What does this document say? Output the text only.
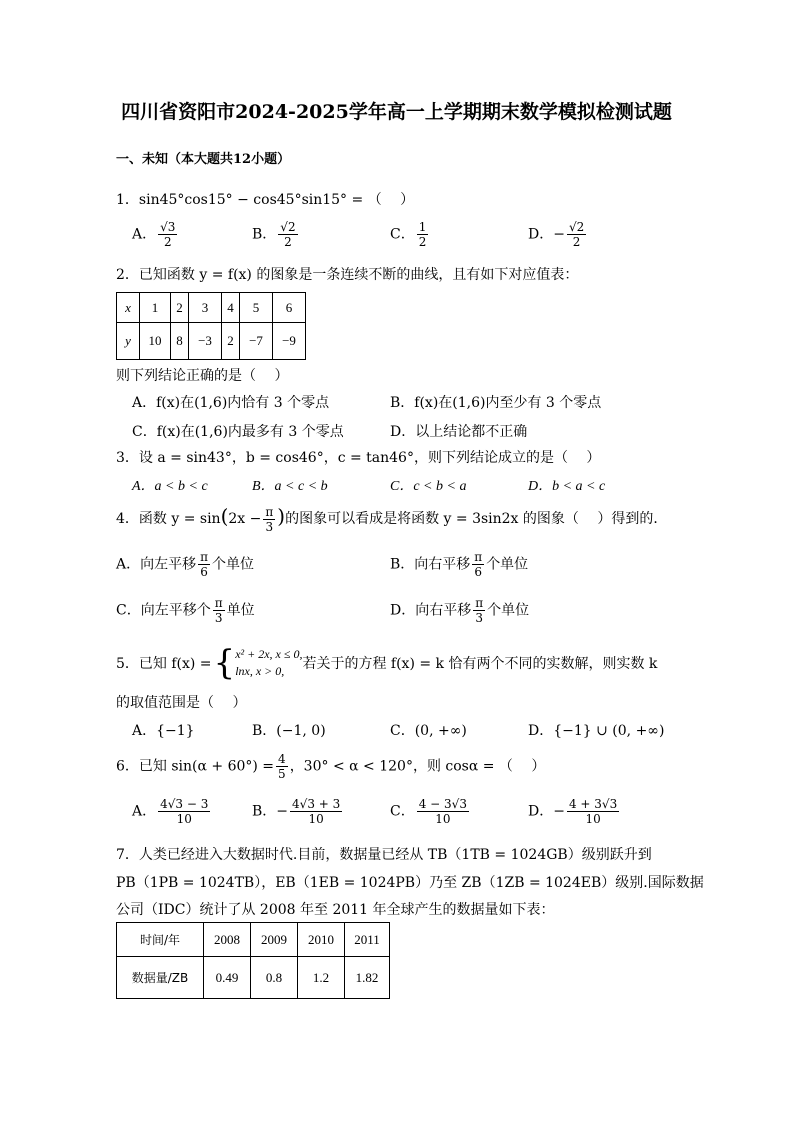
四川省资阳市2024-2025学年高一上学期期末数学模拟检测试题
一、未知（本大题共12小题）
1．sin45°cos15° − cos45°sin15° = （　 ）
A． $\frac{√3}{2}$	B． $\frac{√2}{2}$	C． $\frac{1}{2}$	D．− $\frac{√2}{2}$
2．已知函数 y = f(x) 的图象是一条连续不断的曲线，且有如下对应值表：
x	1	2	3	4	5	6
y	10	8	−3	2	−7	−9
则下列结论正确的是（　 ）
A．f(x)在(1,6)内恰有 3 个零点	B．f(x)在(1,6)内至少有 3 个零点
C．f(x)在(1,6)内最多有 3 个零点	D．以上结论都不正确
3．设 a = sin43°，b = cos46°，c = tan46°，则下列结论成立的是（　 ）
A．a < b < c	B．a < c < b	C．c < b < a	D．b < a < c
4．函数 $y = \sin(2x - \frac{\pi}{3}$ )的图象可以看成是将函数 y = 3sin2x 的图象（　 ）得到的．
A．向左平移 $\frac{\pi}{6}$ 个单位	B．向右平移 $\frac{\pi}{6}$ 个单位
C．向左平移个 $\frac{\pi}{3}$ 单位	D．向右平移 $\frac{\pi}{3}$ 个单位
5．已知 f(x) = { x² + 2x, x ≤ 0,
lnx, x > 0,	若关于的方程 f(x) = k 恰有两个不同的实数解，则实数 k
的取值范围是（　 ）
A．{−1}	B．(−1, 0)	C．(0, +∞)	D．{−1} ∪ (0, +∞)
6．已知 $\sin(\alpha + 60^\circ) = \frac{4}{5}$ ，30° < α < 120°，则 cosα = （　 ）
A． $\frac{4√3 - 3}{10}$	B．− $\frac{4√3 + 3}{10}$	C． $\frac{4 - 3√3}{10}$	D．− $\frac{4 + 3√3}{10}$
7．人类已经进入大数据时代.目前，数据量已经从 TB（1TB = 1024GB）级别跃升到
PB（1PB = 1024TB），EB（1EB = 1024PB）乃至 ZB（1ZB = 1024EB）级别.国际数据
公司（IDC）统计了从 2008 年至 2011 年全球产生的数据量如下表：
时间/年	2008	2009	2010	2011
数据量/ZB	0.49	0.8	1.2	1.82
